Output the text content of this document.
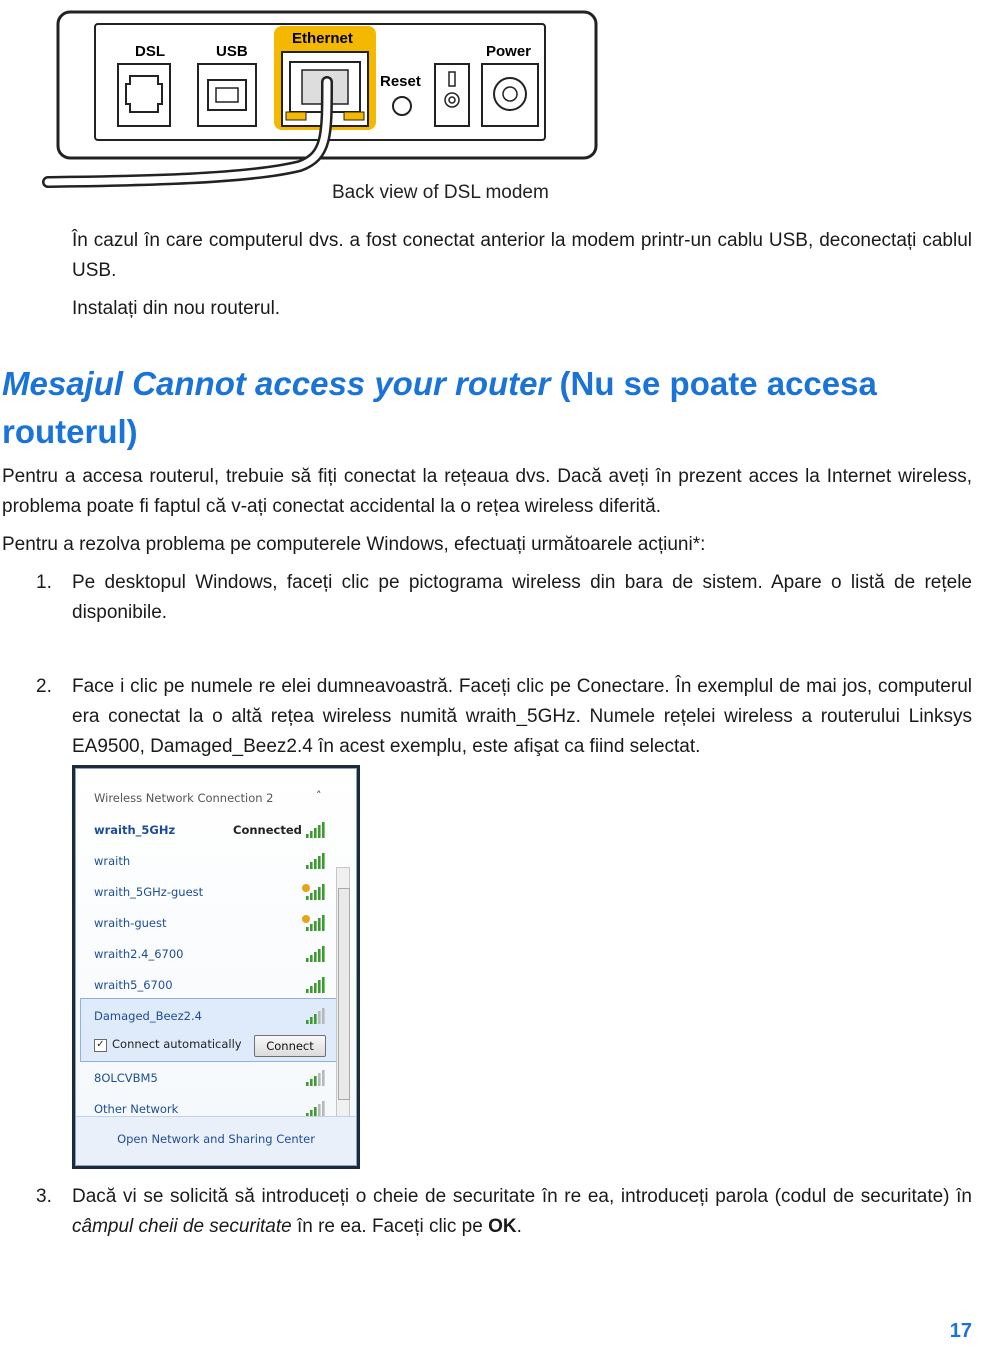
DSL	USB
Ethernet
Power
Reset
Back view of DSL modem
În cazul în care computerul dvs. a fost conectat anterior la modem printr-un cablu USB, deconectați cablul USB.
Instalați din nou routerul.
Mesajul Cannot access your router (Nu se poate accesa routerul)
Pentru a accesa routerul, trebuie să fiți conectat la rețeaua dvs. Dacă aveți în prezent acces la Internet wireless, problema poate fi faptul că v-ați conectat accidental la o rețea wireless diferită.
Pentru a rezolva problema pe computerele Windows, efectuați următoarele acțiuni*:
1. Pe desktopul Windows, faceți clic pe pictograma wireless din bara de sistem. Apare o listă de rețele disponibile.
2. Face i clic pe numele re elei dumneavoastră. Faceți clic pe Conectare. În exemplul de mai jos, computerul era conectat la o altă rețea wireless numită wraith_5GHz. Numele rețelei wireless a routerului Linksys EA9500, Damaged_Beez2.4 în acest exemplu, este afişat ca fiind selectat.
Wireless Network Connection 2	˄
wraith_5GHz	Connected
wraith
wraith_5GHz-guest
wraith-guest
wraith2.4_6700
wraith5_6700
Damaged_Beez2.4
8OLCVBM5
Other Network
✓ Connect automatically	Connect
Open Network and Sharing Center
3. Dacă vi se solicită să introduceți o cheie de securitate în re ea, introduceți parola (codul de securitate) în câmpul cheii de securitate în re ea. Faceți clic pe OK.
17
